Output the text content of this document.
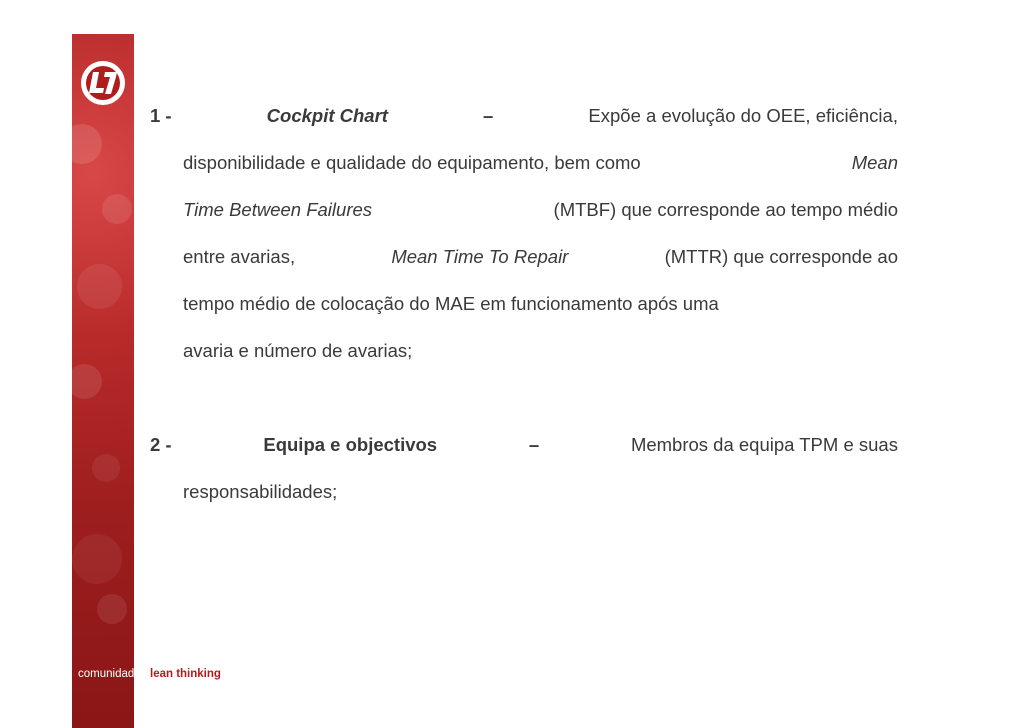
1 -
	Cockpit Chart
	–
	Expõe a evolução do OEE, eficiência,
disponibilidade e qualidade do equipamento, bem como	Mean
Time Between Failures	(MTBF) que corresponde ao tempo médio
entre avarias,	Mean Time To Repair	(MTTR) que corresponde ao
tempo médio de colocação do MAE em funcionamento após uma
avaria e número de avarias;
2 -
	Equipa e objectivos
	–
	Membros da equipa TPM e suas
responsabilidades;
comunidade lean thinking
